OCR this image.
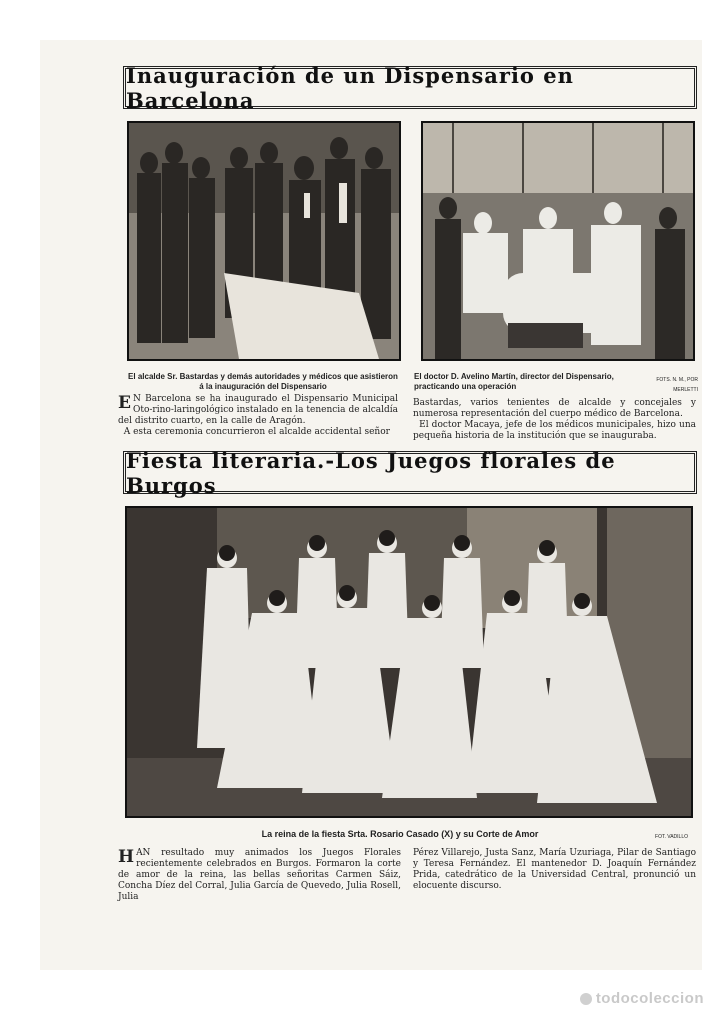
Inauguración de un Dispensario en Barcelona
El alcalde Sr. Bastardas y demás autoridades y médicos que asistieron á la inauguración del Dispensario
El doctor D. Avelino Martín, director del Dispensario, practicando una operación
FOTS. N. M., POR MERLETTI
E N Barcelona se ha inaugurado el Dispensario Municipal Oto-rino-laringológico instalado en la tenencia de alcaldía del distrito cuarto, en la calle de Aragón.
A esta ceremonia concurrieron el alcalde accidental señor
Bastardas, varios tenientes de alcalde y concejales y numerosa representación del cuerpo médico de Barcelona.
El doctor Macaya, jefe de los médicos municipales, hizo una pequeña historia de la institución que se inauguraba.
Fiesta literaria.-Los Juegos florales de Burgos
La reina de la fiesta Srta. Rosario Casado (X) y su Corte de Amor	FOT. VADILLO
HAN resultado muy animados los Juegos Florales recientemente celebrados en Burgos. Formaron la corte de amor de la reina, las bellas señoritas Carmen Sáiz, Concha Díez del Corral, Julia García de Quevedo, Julia Rosell, Julia
Pérez Villarejo, Justa Sanz, María Uzuriaga, Pilar de Santiago y Teresa Fernández. El mantenedor D. Joaquín Fernández Prida, catedrático de la Universidad Central, pronunció un elocuente discurso.
todocoleccion
